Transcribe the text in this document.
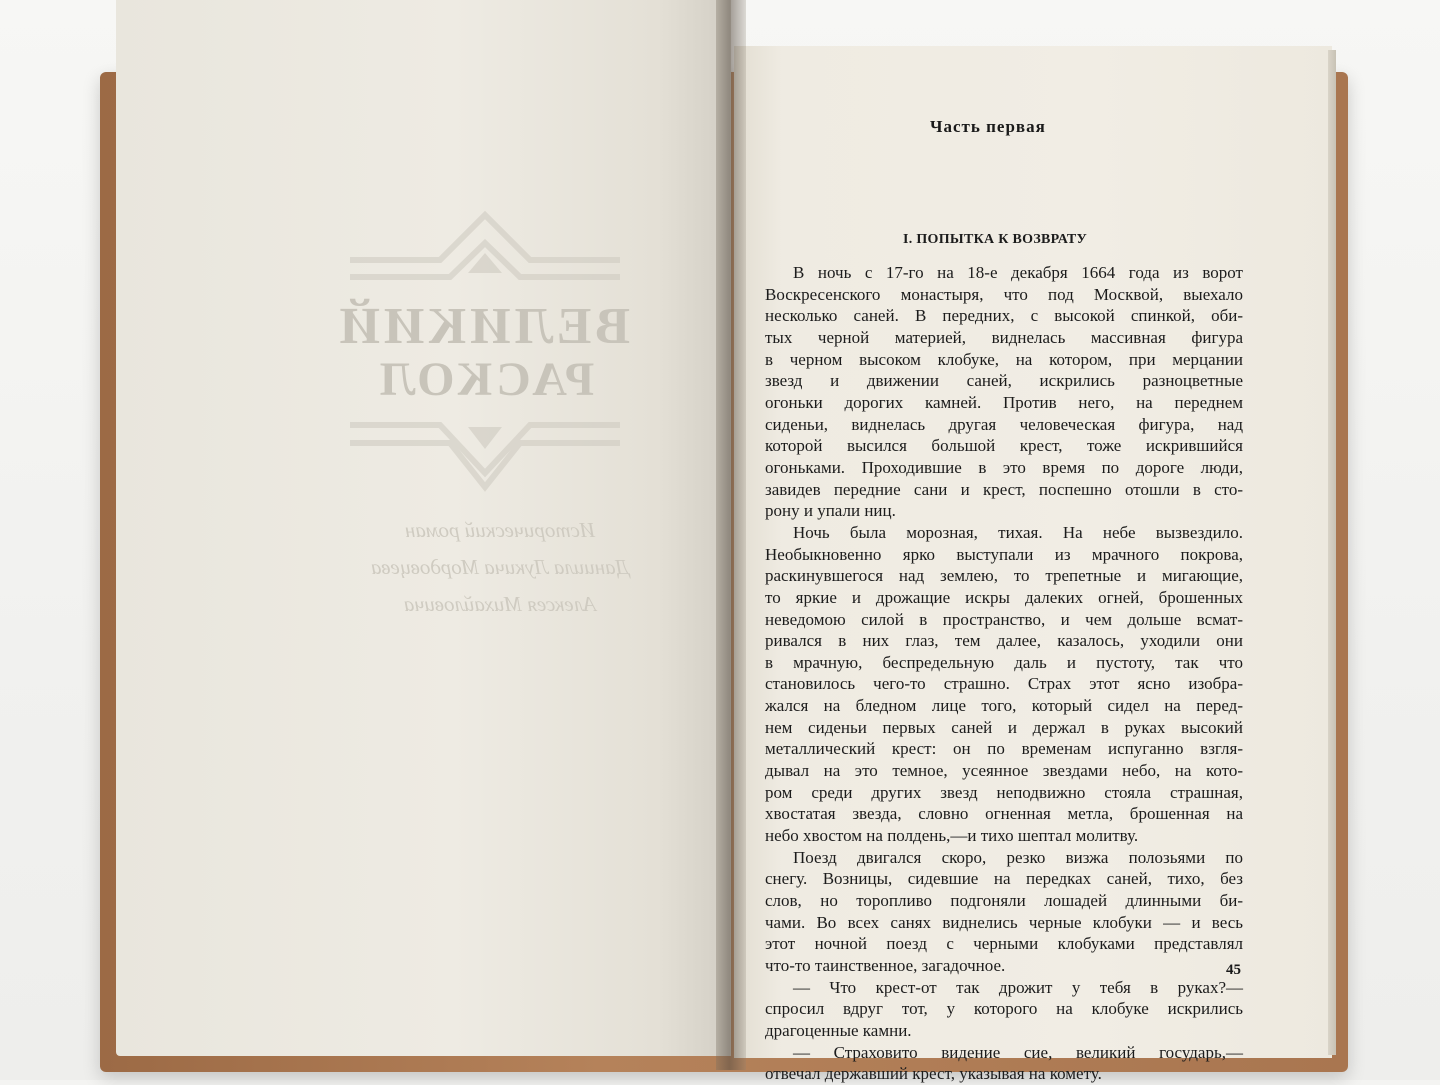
ВЕЛИКИЙ
РАСКОЛ
Исторический роман
Даниила Лукича Мордовцева
Алексея Михайловича
Часть первая
I. ПОПЫТКА К ВОЗВРАТУ
В ночь с 17-го на 18-е декабря 1664 года из ворот
Воскресенского монастыря, что под Москвой, выехало
несколько саней. В передних, с высокой спинкой, оби-
тых черной материей, виднелась массивная фигура
в черном высоком клобуке, на котором, при мерцании
звезд и движении саней, искрились разноцветные
огоньки дорогих камней. Против него, на переднем
сиденьи, виднелась другая человеческая фигура, над
которой высился большой крест, тоже искрившийся
огоньками. Проходившие в это время по дороге люди,
завидев передние сани и крест, поспешно отошли в сто-
рону и упали ниц.
Ночь была морозная, тихая. На небе вызвездило.
Необыкновенно ярко выступали из мрачного покрова,
раскинувшегося над землею, то трепетные и мигающие,
то яркие и дрожащие искры далеких огней, брошенных
неведомою силой в пространство, и чем дольше всмат-
ривался в них глаз, тем далее, казалось, уходили они
в мрачную, беспредельную даль и пустоту, так что
становилось чего-то страшно. Страх этот ясно изобра-
жался на бледном лице того, который сидел на перед-
нем сиденьи первых саней и держал в руках высокий
металлический крест: он по временам испуганно взгля-
дывал на это темное, усеянное звездами небо, на кото-
ром среди других звезд неподвижно стояла страшная,
хвостатая звезда, словно огненная метла, брошенная на
небо хвостом на полдень,—и тихо шептал молитву.
Поезд двигался скоро, резко визжа полозьями по
снегу. Возницы, сидевшие на передках саней, тихо, без
слов, но торопливо подгоняли лошадей длинными би-
чами. Во всех санях виднелись черные клобуки — и весь
этот ночной поезд с черными клобуками представлял
что-то таинственное, загадочное.
— Что крест-от так дрожит у тебя в руках?—
спросил вдруг тот, у которого на клобуке искрились
драгоценные камни.
— Страховито видение сие, великий государь,—
отвечал державший крест, указывая на комету.
45
